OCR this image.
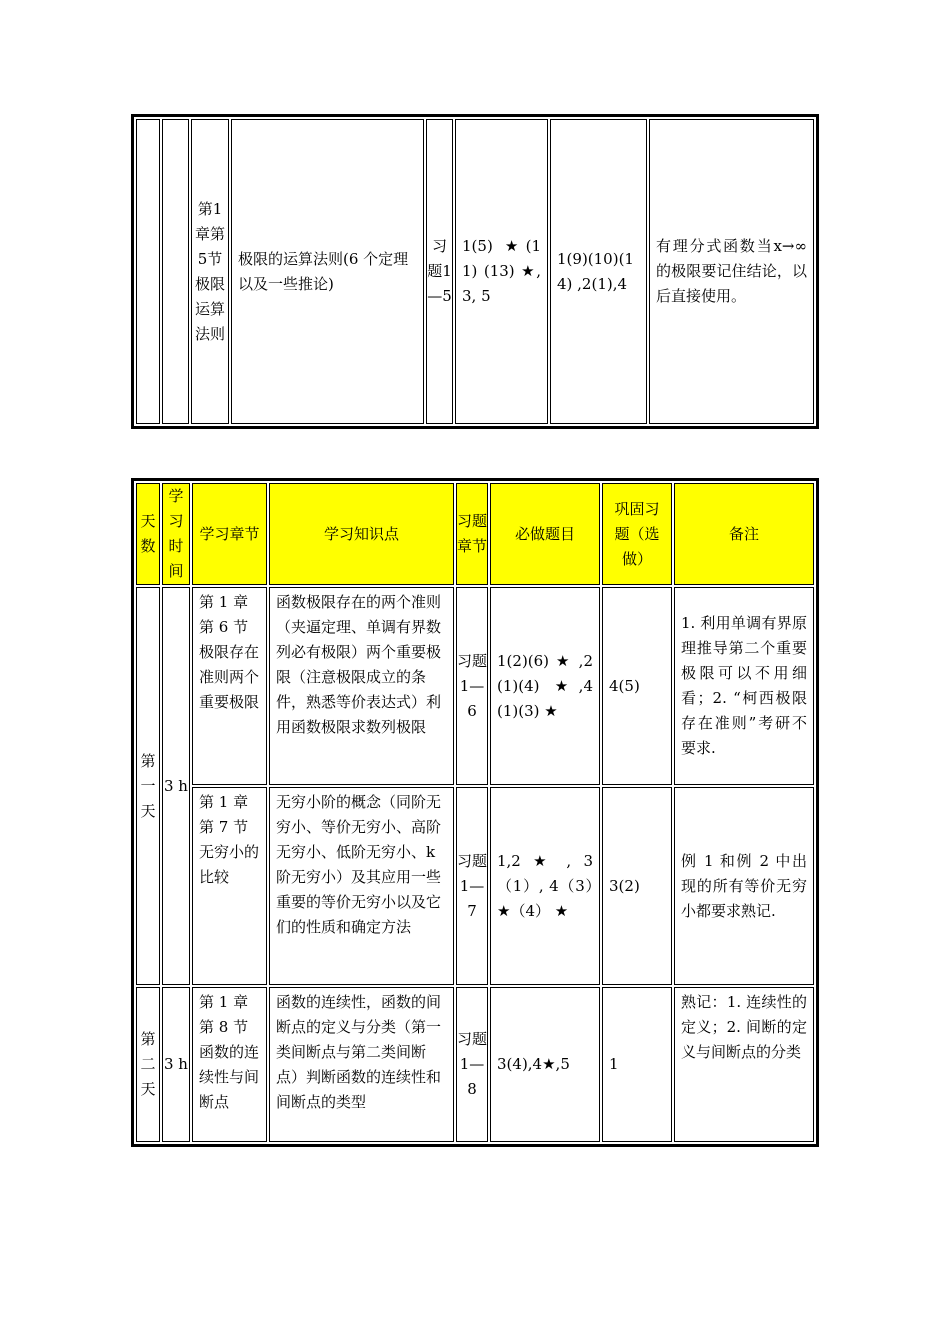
		第1章第5节极限运算法则	极限的运算法则(6 个定理以及一些推论)	习题1—5	1(5) ★(11) (13) ★, 3, 5	1(9)(10)(14) ,2(1),4	有理分式函数当x→∞的极限要记住结论，以后直接使用。
天数	学习时间	学习章节	学习知识点	习题章节	必做题目	巩固习题（选做）	备注
第一天	3 h	第 1 章第 6 节极限存在准则两个重要极限	函数极限存在的两个准则（夹逼定理、单调有界数列必有极限）两个重要极限（注意极限成立的条件，熟悉等价表达式）利用函数极限求数列极限	习题1—6	1(2)(6) ★ ,2(1)(4) ★,4(1)(3) ★	4(5)	1. 利用单调有界原理推导第二个重要极限可以不用细看；2. “柯西极限存在准则”考研不要求.
		第 1 章第 7 节无穷小的比较	无穷小阶的概念（同阶无穷小、等价无穷小、高阶无穷小、低阶无穷小、k 阶无穷小）及其应用一些重要的等价无穷小以及它们的性质和确定方法	习题1—7	1,2 ★ , 3（1）, 4（3）★（4） ★	3(2)	例 1 和例 2 中出现的所有等价无穷小都要求熟记.
第二天	3 h	第 1 章第 8 节函数的连续性与间断点	函数的连续性，函数的间断点的定义与分类（第一类间断点与第二类间断点）判断函数的连续性和间断点的类型	习题1—8	3(4),4★,5	1	熟记：1. 连续性的定义；2. 间断的定义与间断点的分类
